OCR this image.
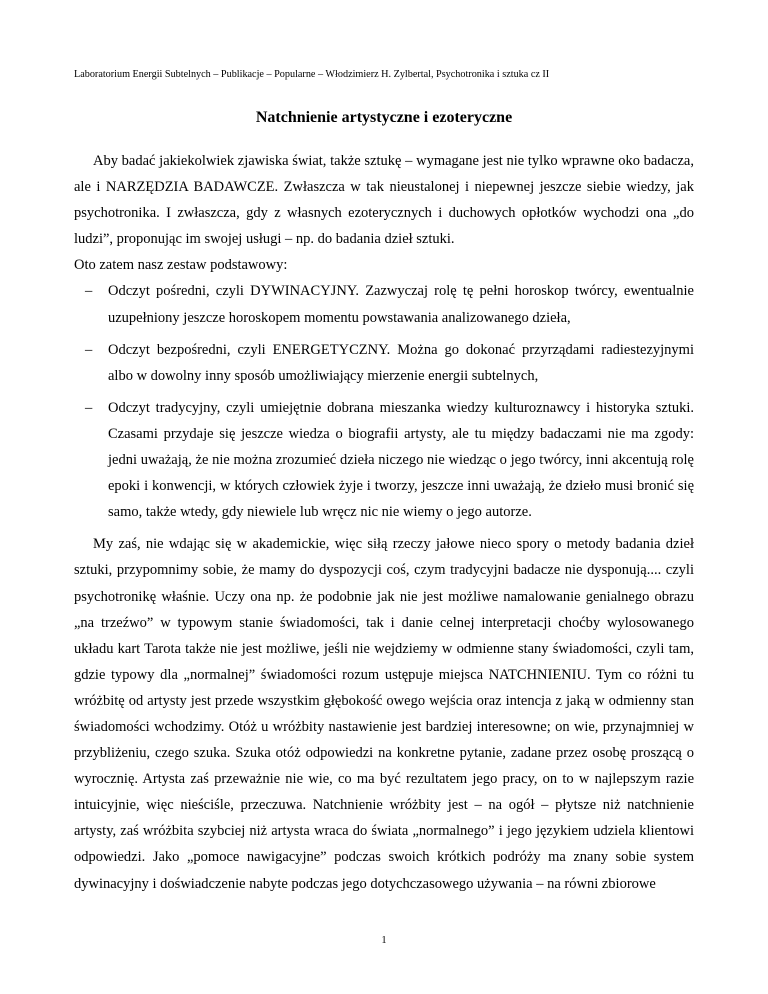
Laboratorium Energii Subtelnych – Publikacje – Popularne – Włodzimierz H. Zylbertal, Psychotronika i sztuka cz II
Natchnienie artystyczne i ezoteryczne

Aby badać jakiekolwiek zjawiska świat, także sztukę – wymagane jest nie tylko wprawne oko badacza, ale i NARZĘDZIA BADAWCZE. Zwłaszcza w tak nieustalonej i niepewnej jeszcze siebie wiedzy, jak psychotronika. I zwłaszcza, gdy z własnych ezoterycznych i duchowych opłotków wychodzi ona „do ludzi”, proponując im swojej usługi – np. do badania dzieł sztuki.

Oto zatem nasz zestaw podstawowy:

– Odczyt pośredni, czyli DYWINACYJNY. Zazwyczaj rolę tę pełni horoskop twórcy, ewentualnie uzupełniony jeszcze horoskopem momentu powstawania analizowanego dzieła,
– Odczyt bezpośredni, czyli ENERGETYCZNY. Można go dokonać przyrządami radiestezyjnymi albo w dowolny inny sposób umożliwiający mierzenie energii subtelnych,
– Odczyt tradycyjny, czyli umiejętnie dobrana mieszanka wiedzy kulturoznawcy i historyka sztuki. Czasami przydaje się jeszcze wiedza o biografii artysty, ale tu między badaczami nie ma zgody: jedni uważają, że nie można zrozumieć dzieła niczego nie wiedząc o jego twórcy, inni akcentują rolę epoki i konwencji, w których człowiek żyje i tworzy, jeszcze inni uważają, że dzieło musi bronić się samo, także wtedy, gdy niewiele lub wręcz nic nie wiemy o jego autorze.

My zaś, nie wdając się w akademickie, więc siłą rzeczy jałowe nieco spory o metody badania dzieł sztuki, przypomnimy sobie, że mamy do dyspozycji coś, czym tradycyjni badacze nie dysponują.... czyli psychotronikę właśnie. Uczy ona np. że podobnie jak nie jest możliwe namalowanie genialnego obrazu „na trzeźwo” w typowym stanie świadomości, tak i danie celnej interpretacji choćby wylosowanego układu kart Tarota także nie jest możliwe, jeśli nie wejdziemy w odmienne stany świadomości, czyli tam, gdzie typowy dla „normalnej” świadomości rozum ustępuje miejsca NATCHNIENIU. Tym co różni tu wróżbitę od artysty jest przede wszystkim głębokość owego wejścia oraz intencja z jaką w odmienny stan świadomości wchodzimy. Otóż u wróżbity nastawienie jest bardziej interesowne; on wie, przynajmniej w przybliżeniu, czego szuka. Szuka otóż odpowiedzi na konkretne pytanie, zadane przez osobę proszącą o wyrocznię. Artysta zaś przeważnie nie wie, co ma być rezultatem jego pracy, on to w najlepszym razie intuicyjnie, więc nieściśle, przeczuwa. Natchnienie wróżbity jest – na ogół – płytsze niż natchnienie artysty, zaś wróżbita szybciej niż artysta wraca do świata „normalnego” i jego językiem udziela klientowi odpowiedzi. Jako „pomoce nawigacyjne” podczas swoich krótkich podróży ma znany sobie system dywinacyjny i doświadczenie nabyte podczas jego dotychczasowego używania – na równi zbiorowe

1
